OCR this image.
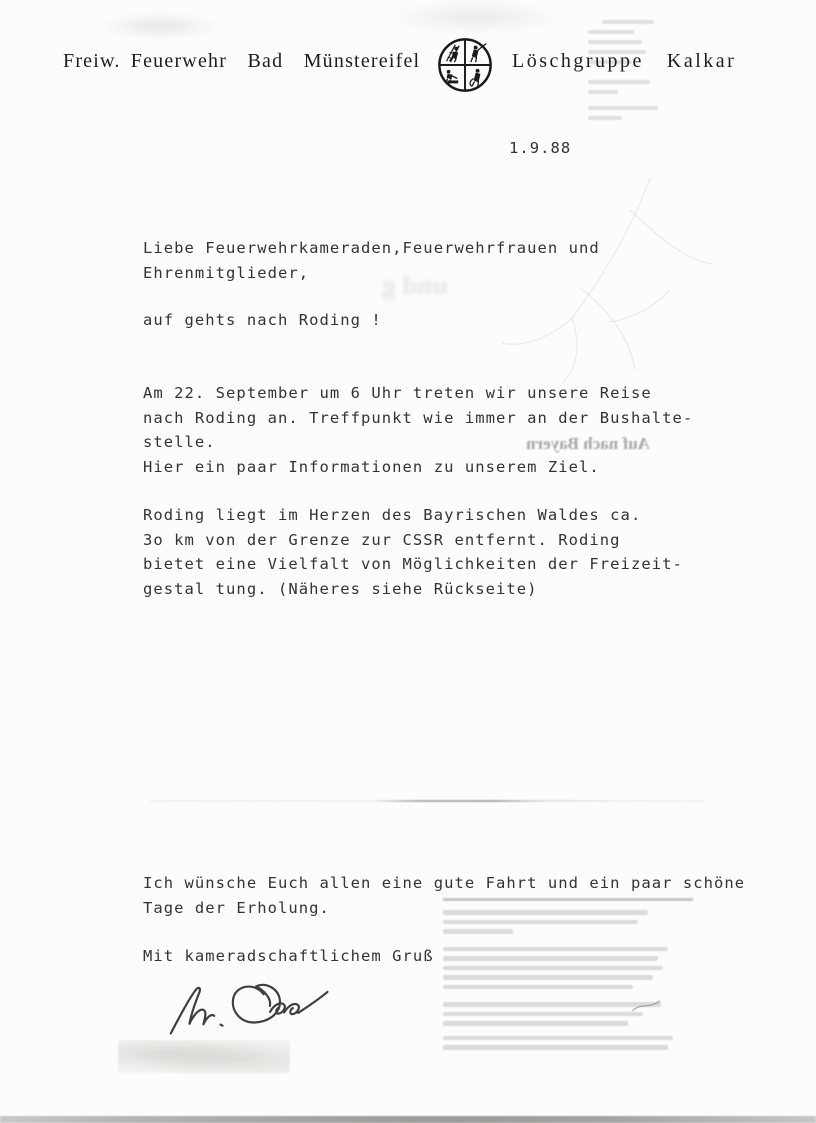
und g
Auf nach Bayern
Freiw. Feuerwehr  Bad  Münstereifel	Löschgruppe  Kalkar
1.9.88
Liebe Feuerwehrkameraden,Feuerwehrfrauen und
Ehrenmitglieder,
auf gehts nach Roding !
Am 22. September um 6 Uhr treten wir unsere Reise
nach Roding an. Treffpunkt wie immer an der Bushalte-
stelle.
Hier ein paar Informationen zu unserem Ziel.
Roding liegt im Herzen des Bayrischen Waldes ca.
3o km von der Grenze zur CSSR entfernt. Roding
bietet eine Vielfalt von Möglichkeiten der Freizeit-
gestal tung. (Näheres siehe Rückseite)
Ich wünsche Euch allen eine gute Fahrt und ein paar schöne
Tage der Erholung.
Mit kameradschaftlichem Gruß
